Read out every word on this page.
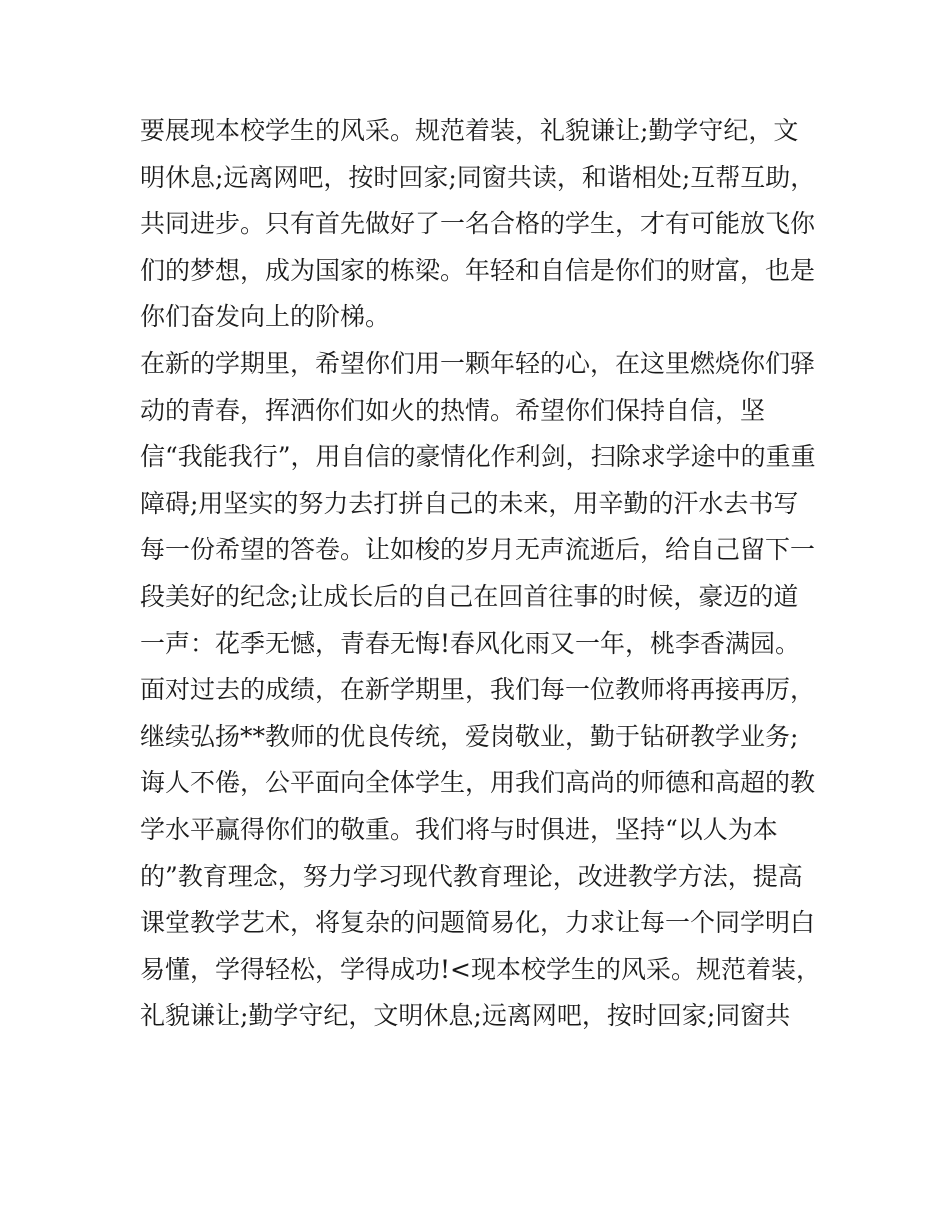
要展现本校学生的风采。规范着装，礼貌谦让;勤学守纪，文
明休息;远离网吧，按时回家;同窗共读，和谐相处;互帮互助，
共同进步。只有首先做好了一名合格的学生，才有可能放飞你
们的梦想，成为国家的栋梁。年轻和自信是你们的财富，也是
你们奋发向上的阶梯。
在新的学期里，希望你们用一颗年轻的心，在这里燃烧你们驿
动的青春，挥洒你们如火的热情。希望你们保持自信，坚
信“我能我行”，用自信的豪情化作利剑，扫除求学途中的重重
障碍;用坚实的努力去打拼自己的未来，用辛勤的汗水去书写
每一份希望的答卷。让如梭的岁月无声流逝后，给自己留下一
段美好的纪念;让成长后的自己在回首往事的时候，豪迈的道
一声：花季无憾，青春无悔!春风化雨又一年，桃李香满园。
面对过去的成绩，在新学期里，我们每一位教师将再接再厉，
继续弘扬**教师的优良传统，爱岗敬业，勤于钻研教学业务;
诲人不倦，公平面向全体学生，用我们高尚的师德和高超的教
学水平赢得你们的敬重。我们将与时俱进，坚持“以人为本
的”教育理念，努力学习现代教育理论，改进教学方法，提高
课堂教学艺术，将复杂的问题简易化，力求让每一个同学明白
易懂，学得轻松，学得成功!<现本校学生的风采。规范着装，
礼貌谦让;勤学守纪，文明休息;远离网吧，按时回家;同窗共
